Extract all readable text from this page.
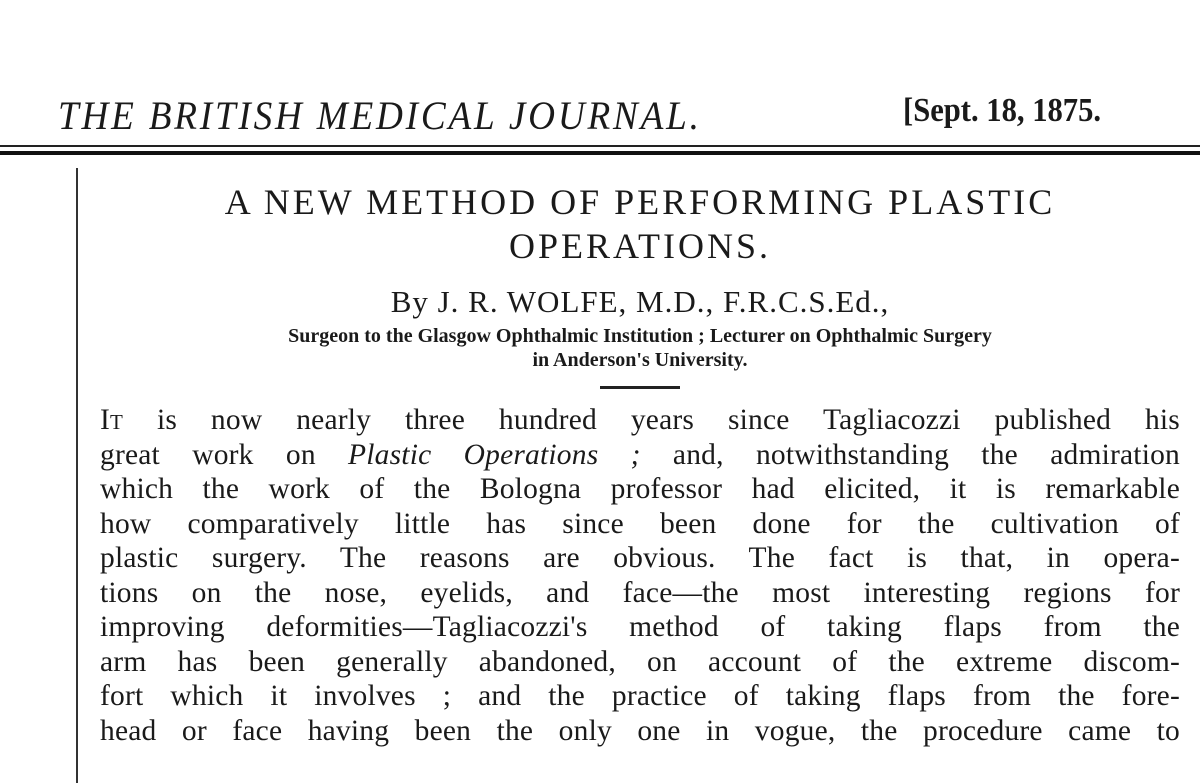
THE BRITISH MEDICAL JOURNAL.	[Sept. 18, 1875.
A NEW METHOD OF PERFORMING PLASTIC
OPERATIONS.
By J. R. WOLFE, M.D., F.R.C.S.Ed.,
Surgeon to the Glasgow Ophthalmic Institution ; Lecturer on Ophthalmic Surgery
in Anderson's University.
It is now nearly three hundred years since Tagliacozzi published his
great work on Plastic Operations ; and, notwithstanding the admiration
which the work of the Bologna professor had elicited, it is remarkable
how comparatively little has since been done for the cultivation of
plastic surgery. The reasons are obvious. The fact is that, in opera-
tions on the nose, eyelids, and face—the most interesting regions for
improving deformities—Tagliacozzi's method of taking flaps from the
arm has been generally abandoned, on account of the extreme discom-
fort which it involves ; and the practice of taking flaps from the fore-
head or face having been the only one in vogue, the procedure came to
